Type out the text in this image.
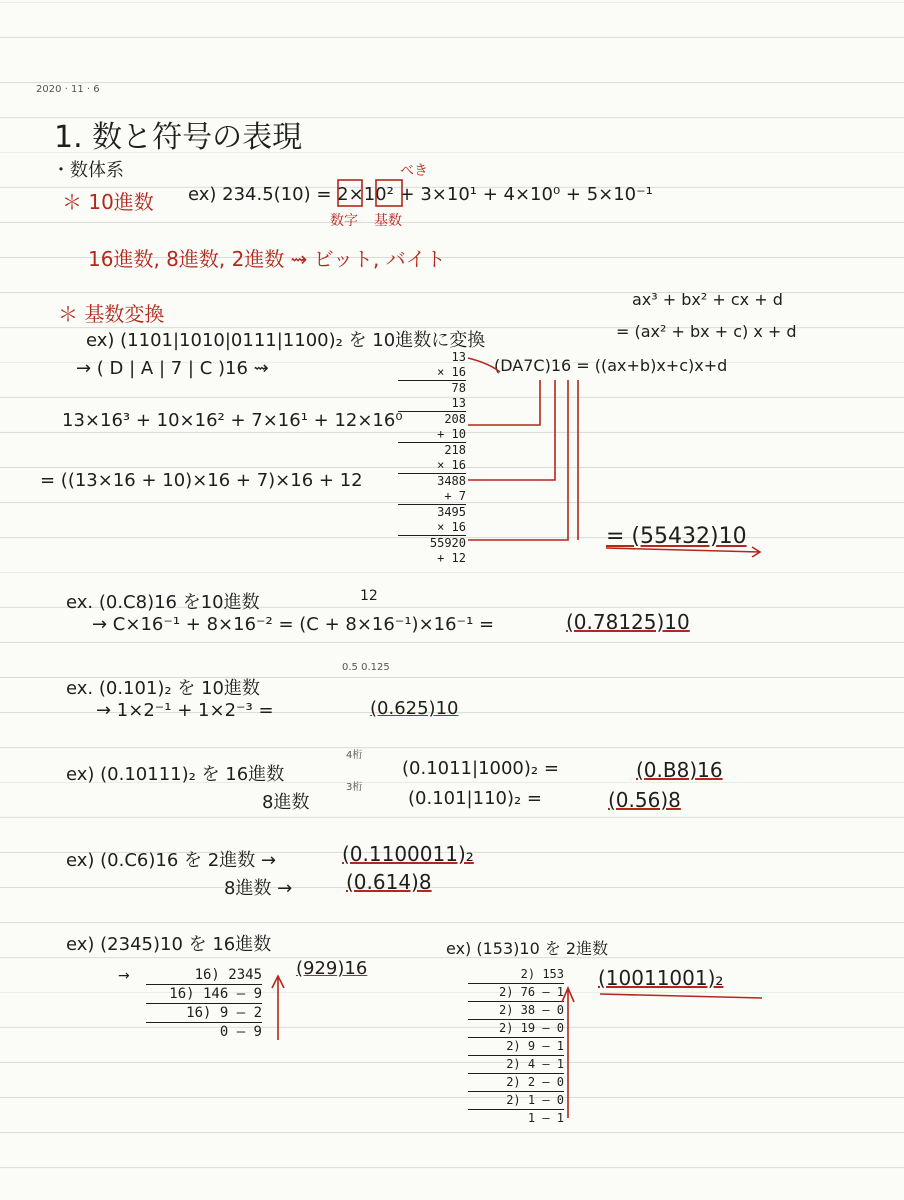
2020 · 11 · 6
1. 数と符号の表現
・数体系
＊ 10進数 ex) 234.5(10) = 2×10² + 3×10¹ + 4×10⁰ + 5×10⁻¹
べき
数字 基数
16進数, 8進数, 2進数 ⇝ ビット, バイト
＊ 基数変換
ax³ + bx² + cx + d
= (ax² + bx + c) x + d
ex) (1101|1010|0111|1100)₂ を 10進数に変換
→ ( D | A | 7 | C )16 ⇝	(DA7C)16 = ((ax+b)x+c)x+d
13×16³ + 10×16² + 7×16¹ + 12×16⁰
= ((13×16 + 10)×16 + 7)×16 + 12
13
× 16
78
13
208
+ 10
218
× 16
3488
+ 7
3495
× 16
55920
+ 12
= (55432)10
ex. (0.C8)16 を10進数	12
→ C×16⁻¹ + 8×16⁻² = (C + 8×16⁻¹)×16⁻¹ =	(0.78125)10
0.5 0.125
ex. (0.101)₂ を 10進数
→ 1×2⁻¹ + 1×2⁻³ =	(0.625)10
ex) (0.10111)₂ を 16進数
4桁
(0.1011|1000)₂ =	(0.B8)16
8進数
3桁
(0.101|110)₂ =	(0.56)8
ex) (0.C6)16 を 2進数 →	(0.1100011)₂
8進数 →	(0.614)8
ex) (2345)10 を 16進数
→	16) 2345
16) 146 ‒ 9
16) 9 ‒ 2
0 ‒ 9
(929)16
ex) (153)10 を 2進数
2) 153
2) 76 ‒ 1
2) 38 ‒ 0
2) 19 ‒ 0
2) 9 ‒ 1
2) 4 ‒ 1
2) 2 ‒ 0
2) 1 ‒ 0
1 ‒ 1
(10011001)₂
